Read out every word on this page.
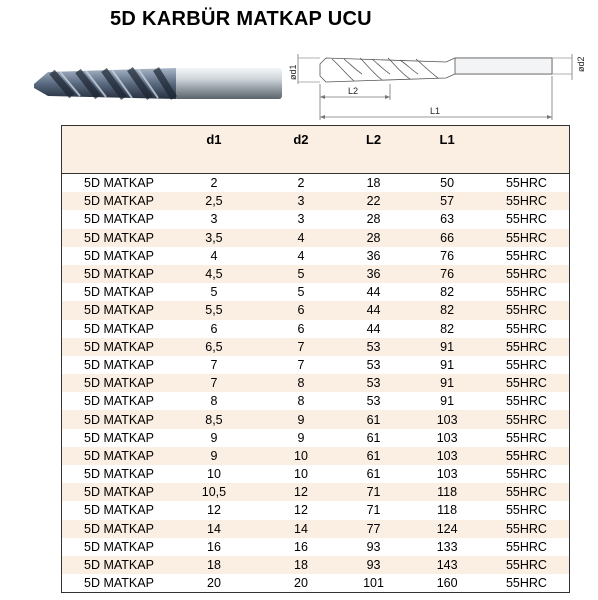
5D KARBÜR MATKAP UCU
ød1
ød2
L2
L1
	d1	d2	L2	L1	
5D MATKAP	2	2	18	50	55HRC
5D MATKAP	2,5	3	22	57	55HRC
5D MATKAP	3	3	28	63	55HRC
5D MATKAP	3,5	4	28	66	55HRC
5D MATKAP	4	4	36	76	55HRC
5D MATKAP	4,5	5	36	76	55HRC
5D MATKAP	5	5	44	82	55HRC
5D MATKAP	5,5	6	44	82	55HRC
5D MATKAP	6	6	44	82	55HRC
5D MATKAP	6,5	7	53	91	55HRC
5D MATKAP	7	7	53	91	55HRC
5D MATKAP	7	8	53	91	55HRC
5D MATKAP	8	8	53	91	55HRC
5D MATKAP	8,5	9	61	103	55HRC
5D MATKAP	9	9	61	103	55HRC
5D MATKAP	9	10	61	103	55HRC
5D MATKAP	10	10	61	103	55HRC
5D MATKAP	10,5	12	71	118	55HRC
5D MATKAP	12	12	71	118	55HRC
5D MATKAP	14	14	77	124	55HRC
5D MATKAP	16	16	93	133	55HRC
5D MATKAP	18	18	93	143	55HRC
5D MATKAP	20	20	101	160	55HRC
